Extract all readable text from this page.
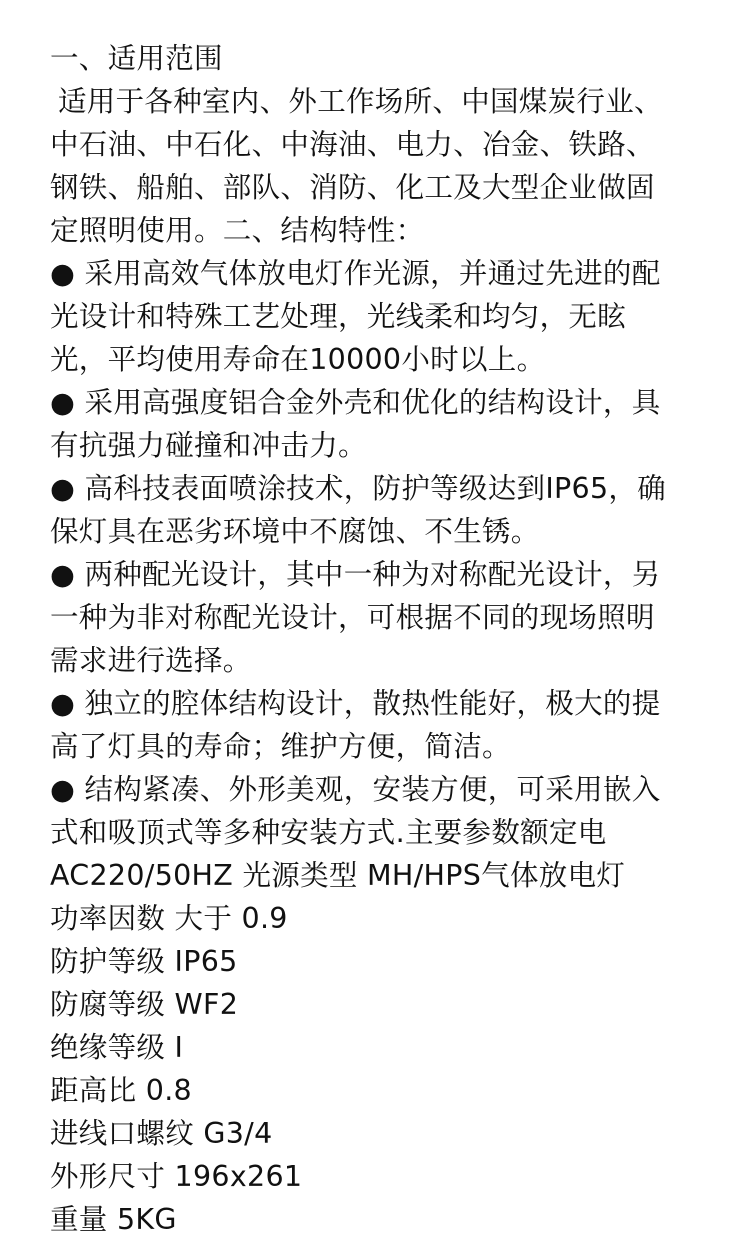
一、适用范围
适用于各种室内、外工作场所、中国煤炭行业、
中石油、中石化、中海油、电力、冶金、铁路、
钢铁、船舶、部队、消防、化工及大型企业做固
定照明使用。二、结构特性：
● 采用高效气体放电灯作光源，并通过先进的配
光设计和特殊工艺处理，光线柔和均匀，无眩
光，平均使用寿命在10000小时以上。
● 采用高强度铝合金外壳和优化的结构设计，具
有抗强力碰撞和冲击力。
● 高科技表面喷涂技术，防护等级达到IP65，确
保灯具在恶劣环境中不腐蚀、不生锈。
● 两种配光设计，其中一种为对称配光设计，另
一种为非对称配光设计，可根据不同的现场照明
需求进行选择。
● 独立的腔体结构设计，散热性能好，极大的提
高了灯具的寿命；维护方便，简洁。
● 结构紧凑、外形美观，安装方便，可采用嵌入
式和吸顶式等多种安装方式.主要参数额定电
AC220/50HZ 光源类型 MH/HPS气体放电灯
功率因数 大于 0.9
防护等级 IP65
防腐等级 WF2
绝缘等级 I
距高比 0.8
进线口螺纹 G3/4
外形尺寸 196x261
重量 5KG
